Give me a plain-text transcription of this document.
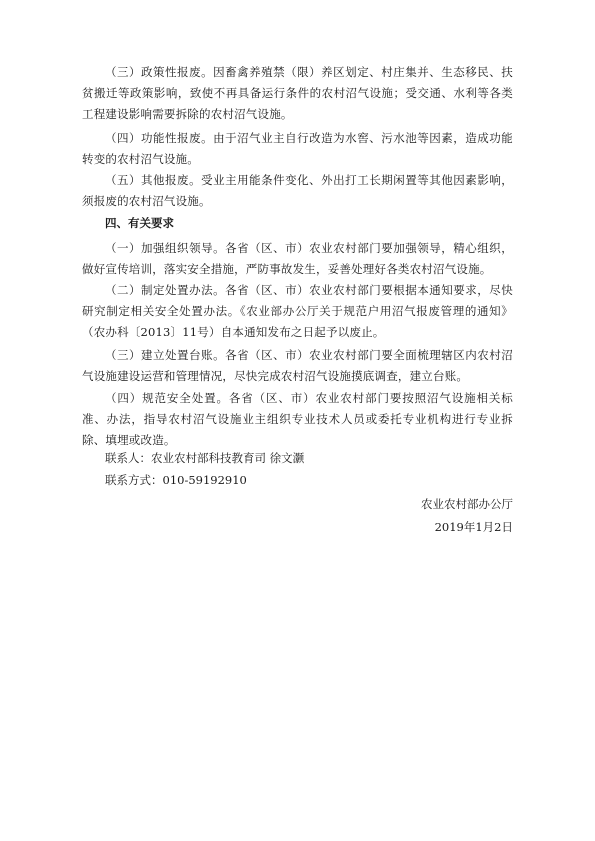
（三）政策性报废。因畜禽养殖禁（限）养区划定、村庄集并、生态移民、扶贫搬迁等政策影响，致使不再具备运行条件的农村沼气设施；受交通、水利等各类工程建设影响需要拆除的农村沼气设施。

（四）功能性报废。由于沼气业主自行改造为水窖、污水池等因素，造成功能转变的农村沼气设施。

（五）其他报废。受业主用能条件变化、外出打工长期闲置等其他因素影响，须报废的农村沼气设施。

四、有关要求

（一）加强组织领导。各省（区、市）农业农村部门要加强领导，精心组织，做好宣传培训，落实安全措施，严防事故发生，妥善处理好各类农村沼气设施。

（二）制定处置办法。各省（区、市）农业农村部门要根据本通知要求，尽快研究制定相关安全处置办法。《农业部办公厅关于规范户用沼气报废管理的通知》（农办科〔2013〕11号）自本通知发布之日起予以废止。

（三）建立处置台账。各省（区、市）农业农村部门要全面梳理辖区内农村沼气设施建设运营和管理情况，尽快完成农村沼气设施摸底调查，建立台账。

（四）规范安全处置。各省（区、市）农业农村部门要按照沼气设施相关标准、办法，指导农村沼气设施业主组织专业技术人员或委托专业机构进行专业拆除、填埋或改造。

联系人：农业农村部科技教育司 徐文灏
联系方式：010-59192910
农业农村部办公厅
2019年1月2日
